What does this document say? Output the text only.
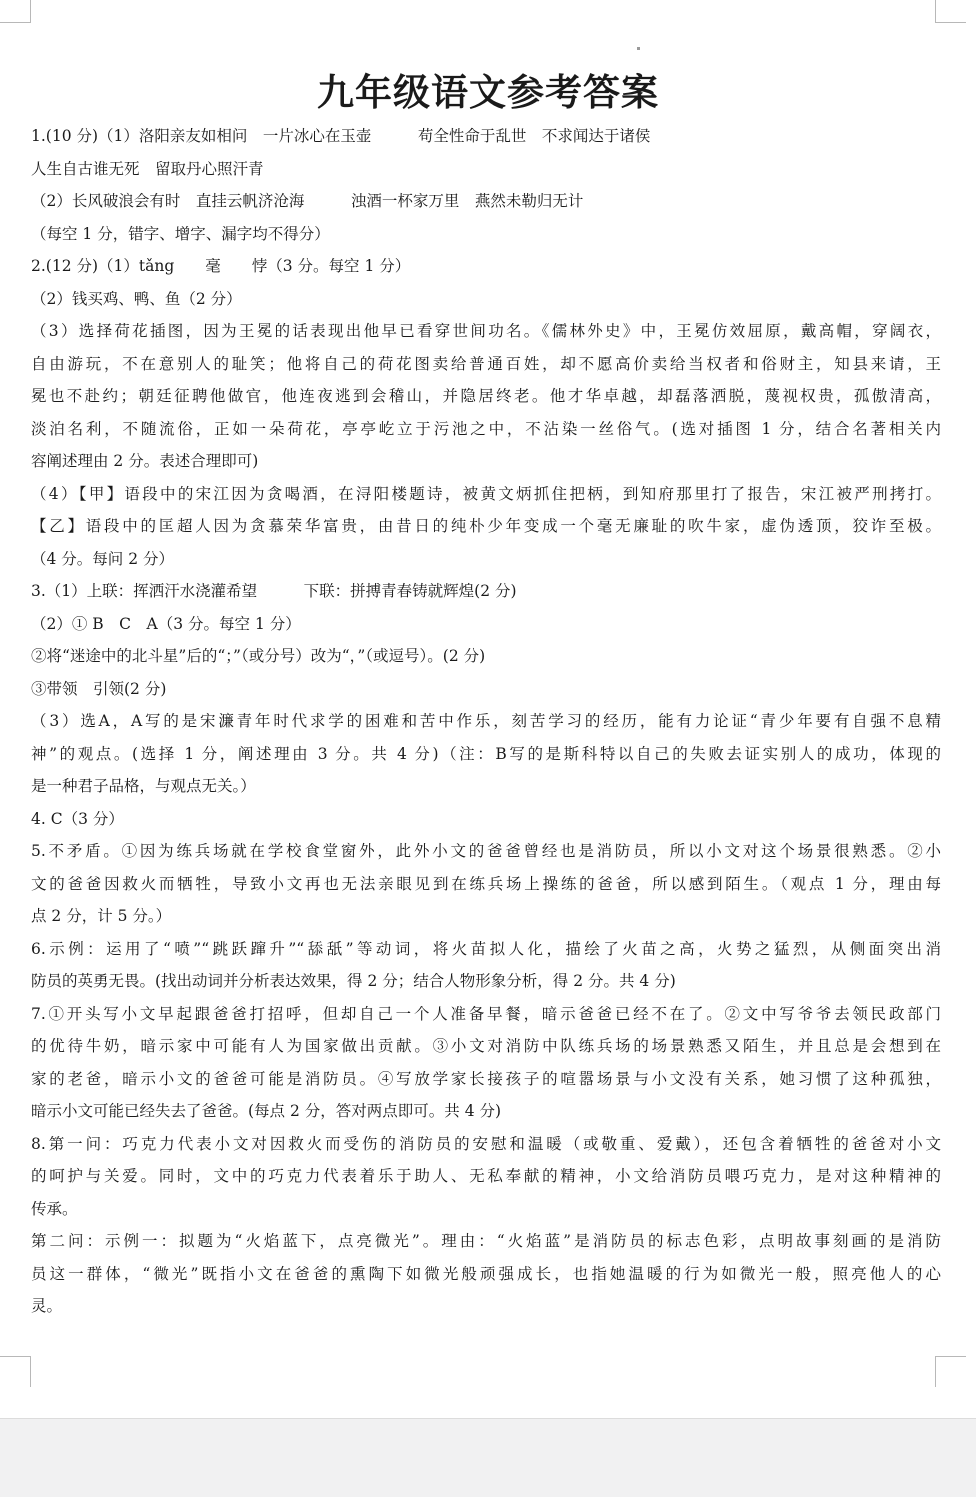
九年级语文参考答案
1.(10 分)（1）洛阳亲友如相问　一片冰心在玉壶　　　苟全性命于乱世　不求闻达于诸侯
人生自古谁无死　留取丹心照汗青
（2）长风破浪会有时　直挂云帆济沧海　　　浊酒一杯家万里　燕然未勒归无计
（每空 1 分，错字、增字、漏字均不得分）
2.(12 分)（1）tǎng　　毫　　悖（3 分。每空 1 分）
（2）钱买鸡、鸭、鱼（2 分）
（3）选择荷花插图，因为王冕的话表现出他早已看穿世间功名。《儒林外史》中，王冕仿效屈原，戴高帽，穿阔衣，
自由游玩，不在意别人的耻笑；他将自己的荷花图卖给普通百姓，却不愿高价卖给当权者和俗财主，知县来请，王
冕也不赴约；朝廷征聘他做官，他连夜逃到会稽山，并隐居终老。他才华卓越，却磊落洒脱，蔑视权贵，孤傲清高，
淡泊名利，不随流俗，正如一朵荷花，亭亭屹立于污池之中，不沾染一丝俗气。(选对插图 1 分，结合名著相关内
容阐述理由 2 分。表述合理即可)
（4）【甲】语段中的宋江因为贪喝酒，在浔阳楼题诗，被黄文炳抓住把柄，到知府那里打了报告，宋江被严刑拷打。
【乙】语段中的匡超人因为贪慕荣华富贵，由昔日的纯朴少年变成一个毫无廉耻的吹牛家，虚伪透顶，狡诈至极。
（4 分。每问 2 分）
3.（1）上联：挥洒汗水浇灌希望　　　下联：拼搏青春铸就辉煌(2 分)
（2）① B　C　A（3 分。每空 1 分）
②将“迷途中的北斗星”后的“；”（或分号）改为“，”（或逗号）。(2 分)
③带领　引领(2 分)
（3）选A，A写的是宋濂青年时代求学的困难和苦中作乐，刻苦学习的经历，能有力论证“青少年要有自强不息精
神”的观点。(选择 1 分，阐述理由 3 分。共 4 分)（注：B写的是斯科特以自己的失败去证实别人的成功，体现的
是一种君子品格，与观点无关。）
4. C（3 分）
5.不矛盾。①因为练兵场就在学校食堂窗外，此外小文的爸爸曾经也是消防员，所以小文对这个场景很熟悉。②小
文的爸爸因救火而牺牲，导致小文再也无法亲眼见到在练兵场上操练的爸爸，所以感到陌生。（观点 1 分，理由每
点 2 分，计 5 分。）
6.示例：运用了“喷”“跳跃蹿升”“舔舐”等动词，将火苗拟人化，描绘了火苗之高，火势之猛烈，从侧面突出消
防员的英勇无畏。(找出动词并分析表达效果，得 2 分；结合人物形象分析，得 2 分。共 4 分)
7.①开头写小文早起跟爸爸打招呼，但却自己一个人准备早餐，暗示爸爸已经不在了。②文中写爷爷去领民政部门
的优待牛奶，暗示家中可能有人为国家做出贡献。③小文对消防中队练兵场的场景熟悉又陌生，并且总是会想到在
家的老爸，暗示小文的爸爸可能是消防员。④写放学家长接孩子的喧嚣场景与小文没有关系，她习惯了这种孤独，
暗示小文可能已经失去了爸爸。(每点 2 分，答对两点即可。共 4 分)
8.第一问：巧克力代表小文对因救火而受伤的消防员的安慰和温暖（或敬重、爱戴），还包含着牺牲的爸爸对小文
的呵护与关爱。同时，文中的巧克力代表着乐于助人、无私奉献的精神，小文给消防员喂巧克力，是对这种精神的
传承。
第二问：示例一：拟题为“火焰蓝下，点亮微光”。理由：“火焰蓝”是消防员的标志色彩，点明故事刻画的是消防
员这一群体，“微光”既指小文在爸爸的熏陶下如微光般顽强成长，也指她温暖的行为如微光一般，照亮他人的心
灵。
